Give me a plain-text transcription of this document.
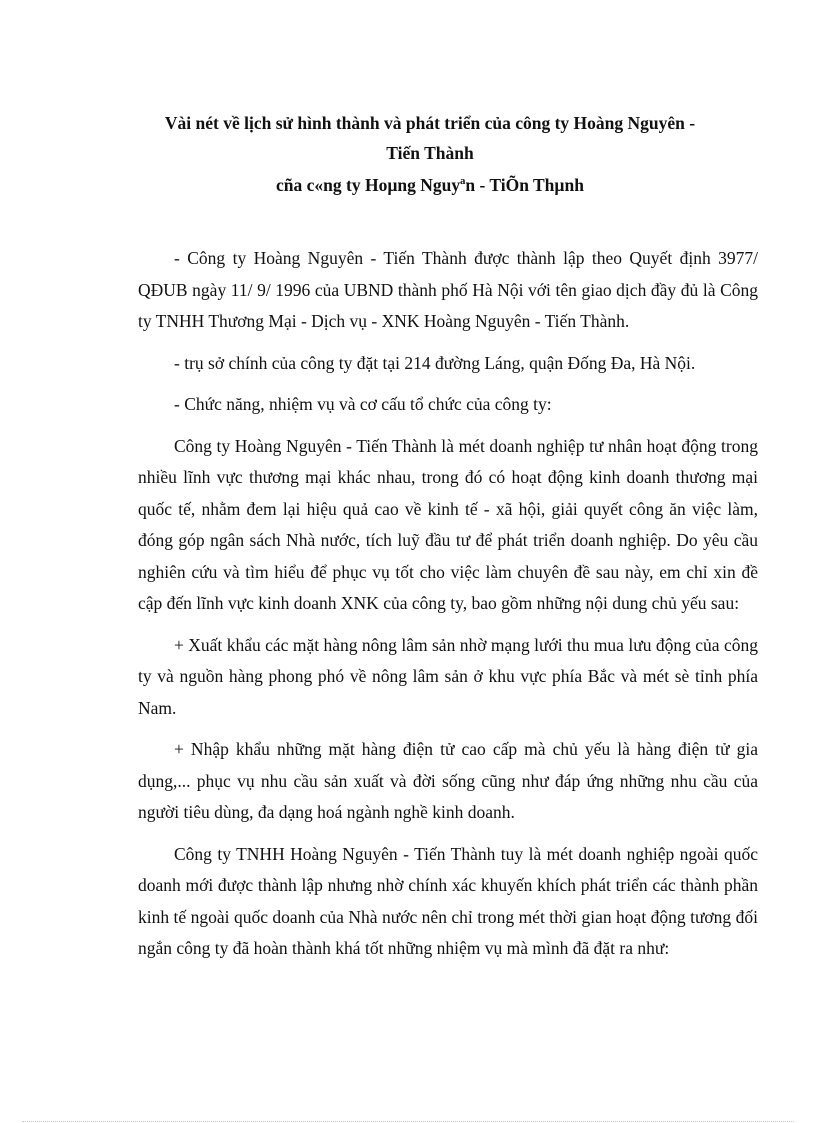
Vài nét về lịch sử hình thành và phát triển của công ty Hoàng Nguyên -
Tiến Thành
cña c«ng ty Hoµng Nguyªn - TiÕn Thµnh

- Công ty Hoàng Nguyên - Tiến Thành được thành lập theo Quyết định 3977/ QĐUB ngày 11/ 9/ 1996 của UBND thành phố Hà Nội với tên giao dịch đầy đủ là Công ty TNHH Thương Mại - Dịch vụ - XNK Hoàng Nguyên - Tiến Thành.

- trụ sở chính của công ty đặt tại 214 đường Láng, quận Đống Đa, Hà Nội.

- Chức năng, nhiệm vụ và cơ cấu tổ chức của công ty:

Công ty Hoàng Nguyên - Tiến Thành là mét doanh nghiệp tư nhân hoạt động trong nhiều lĩnh vực thương mại khác nhau, trong đó có hoạt động kinh doanh thương mại quốc tế, nhằm đem lại hiệu quả cao về kinh tế - xã hội, giải quyết công ăn việc làm, đóng góp ngân sách Nhà nước, tích luỹ đầu tư để phát triển doanh nghiệp. Do yêu cầu nghiên cứu và tìm hiểu để phục vụ tốt cho việc làm chuyên đề sau này, em chỉ xin đề cập đến lĩnh vực kinh doanh XNK của công ty, bao gồm những nội dung chủ yếu sau:

+ Xuất khẩu các mặt hàng nông lâm sản nhờ mạng lưới thu mua lưu động của công ty và nguồn hàng phong phó về nông lâm sản ở khu vực phía Bắc và mét sè tỉnh phía Nam.

+ Nhập khẩu những mặt hàng điện tử cao cấp mà chủ yếu là hàng điện tử gia dụng,... phục vụ nhu cầu sản xuất và đời sống cũng như đáp ứng những nhu cầu của người tiêu dùng, đa dạng hoá ngành nghề kinh doanh.

Công ty TNHH Hoàng Nguyên - Tiến Thành tuy là mét doanh nghiệp ngoài quốc doanh mới được thành lập nhưng nhờ chính xác khuyến khích phát triển các thành phần kinh tế ngoài quốc doanh của Nhà nước nên chỉ trong mét thời gian hoạt động tương đối ngắn công ty đã hoàn thành khá tốt những nhiệm vụ mà mình đã đặt ra như:
